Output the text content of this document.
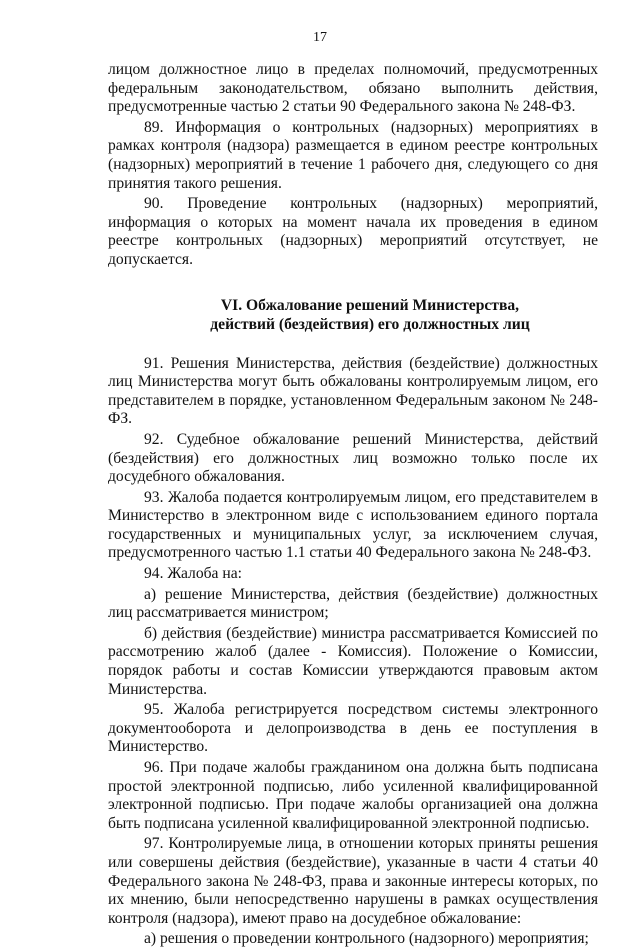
17

лицом должностное лицо в пределах полномочий, предусмотренных федеральным законодательством, обязано выполнить действия, предусмотренные частью 2 статьи 90 Федерального закона № 248-ФЗ.

89. Информация о контрольных (надзорных) мероприятиях в рамках контроля (надзора) размещается в едином реестре контрольных (надзорных) мероприятий в течение 1 рабочего дня, следующего со дня принятия такого решения.

90. Проведение контрольных (надзорных) мероприятий, информация о которых на момент начала их проведения в едином реестре контрольных (надзорных) мероприятий отсутствует, не допускается.

VI. Обжалование решений Министерства,
действий (бездействия) его должностных лиц

91. Решения Министерства, действия (бездействие) должностных лиц Министерства могут быть обжалованы контролируемым лицом, его представителем в порядке, установленном Федеральным законом № 248-ФЗ.

92. Судебное обжалование решений Министерства, действий (бездействия) его должностных лиц возможно только после их досудебного обжалования.

93. Жалоба подается контролируемым лицом, его представителем в Министерство в электронном виде с использованием единого портала государственных и муниципальных услуг, за исключением случая, предусмотренного частью 1.1 статьи 40 Федерального закона № 248-ФЗ.

94. Жалоба на:

а) решение Министерства, действия (бездействие) должностных лиц рассматривается министром;

б) действия (бездействие) министра рассматривается Комиссией по рассмотрению жалоб (далее - Комиссия). Положение о Комиссии, порядок работы и состав Комиссии утверждаются правовым актом Министерства.

95. Жалоба регистрируется посредством системы электронного документооборота и делопроизводства в день ее поступления в Министерство.

96. При подаче жалобы гражданином она должна быть подписана простой электронной подписью, либо усиленной квалифицированной электронной подписью. При подаче жалобы организацией она должна быть подписана усиленной квалифицированной электронной подписью.

97. Контролируемые лица, в отношении которых приняты решения или совершены действия (бездействие), указанные в части 4 статьи 40 Федерального закона № 248-ФЗ, права и законные интересы которых, по их мнению, были непосредственно нарушены в рамках осуществления контроля (надзора), имеют право на досудебное обжалование:

а) решения о проведении контрольного (надзорного) мероприятия;
